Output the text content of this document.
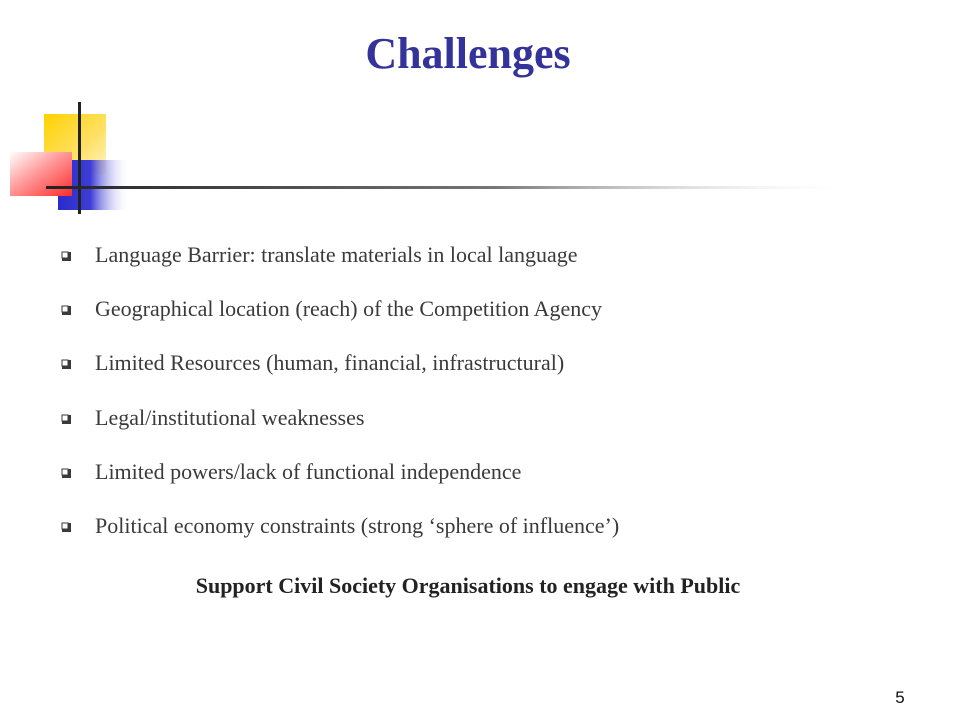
Challenges
Language Barrier: translate materials in local language
Geographical location (reach) of the Competition Agency
Limited Resources (human, financial, infrastructural)
Legal/institutional weaknesses
Limited powers/lack of functional independence
Political economy constraints (strong ‘sphere of influence’)

Support Civil Society Organisations to engage with Public

5
